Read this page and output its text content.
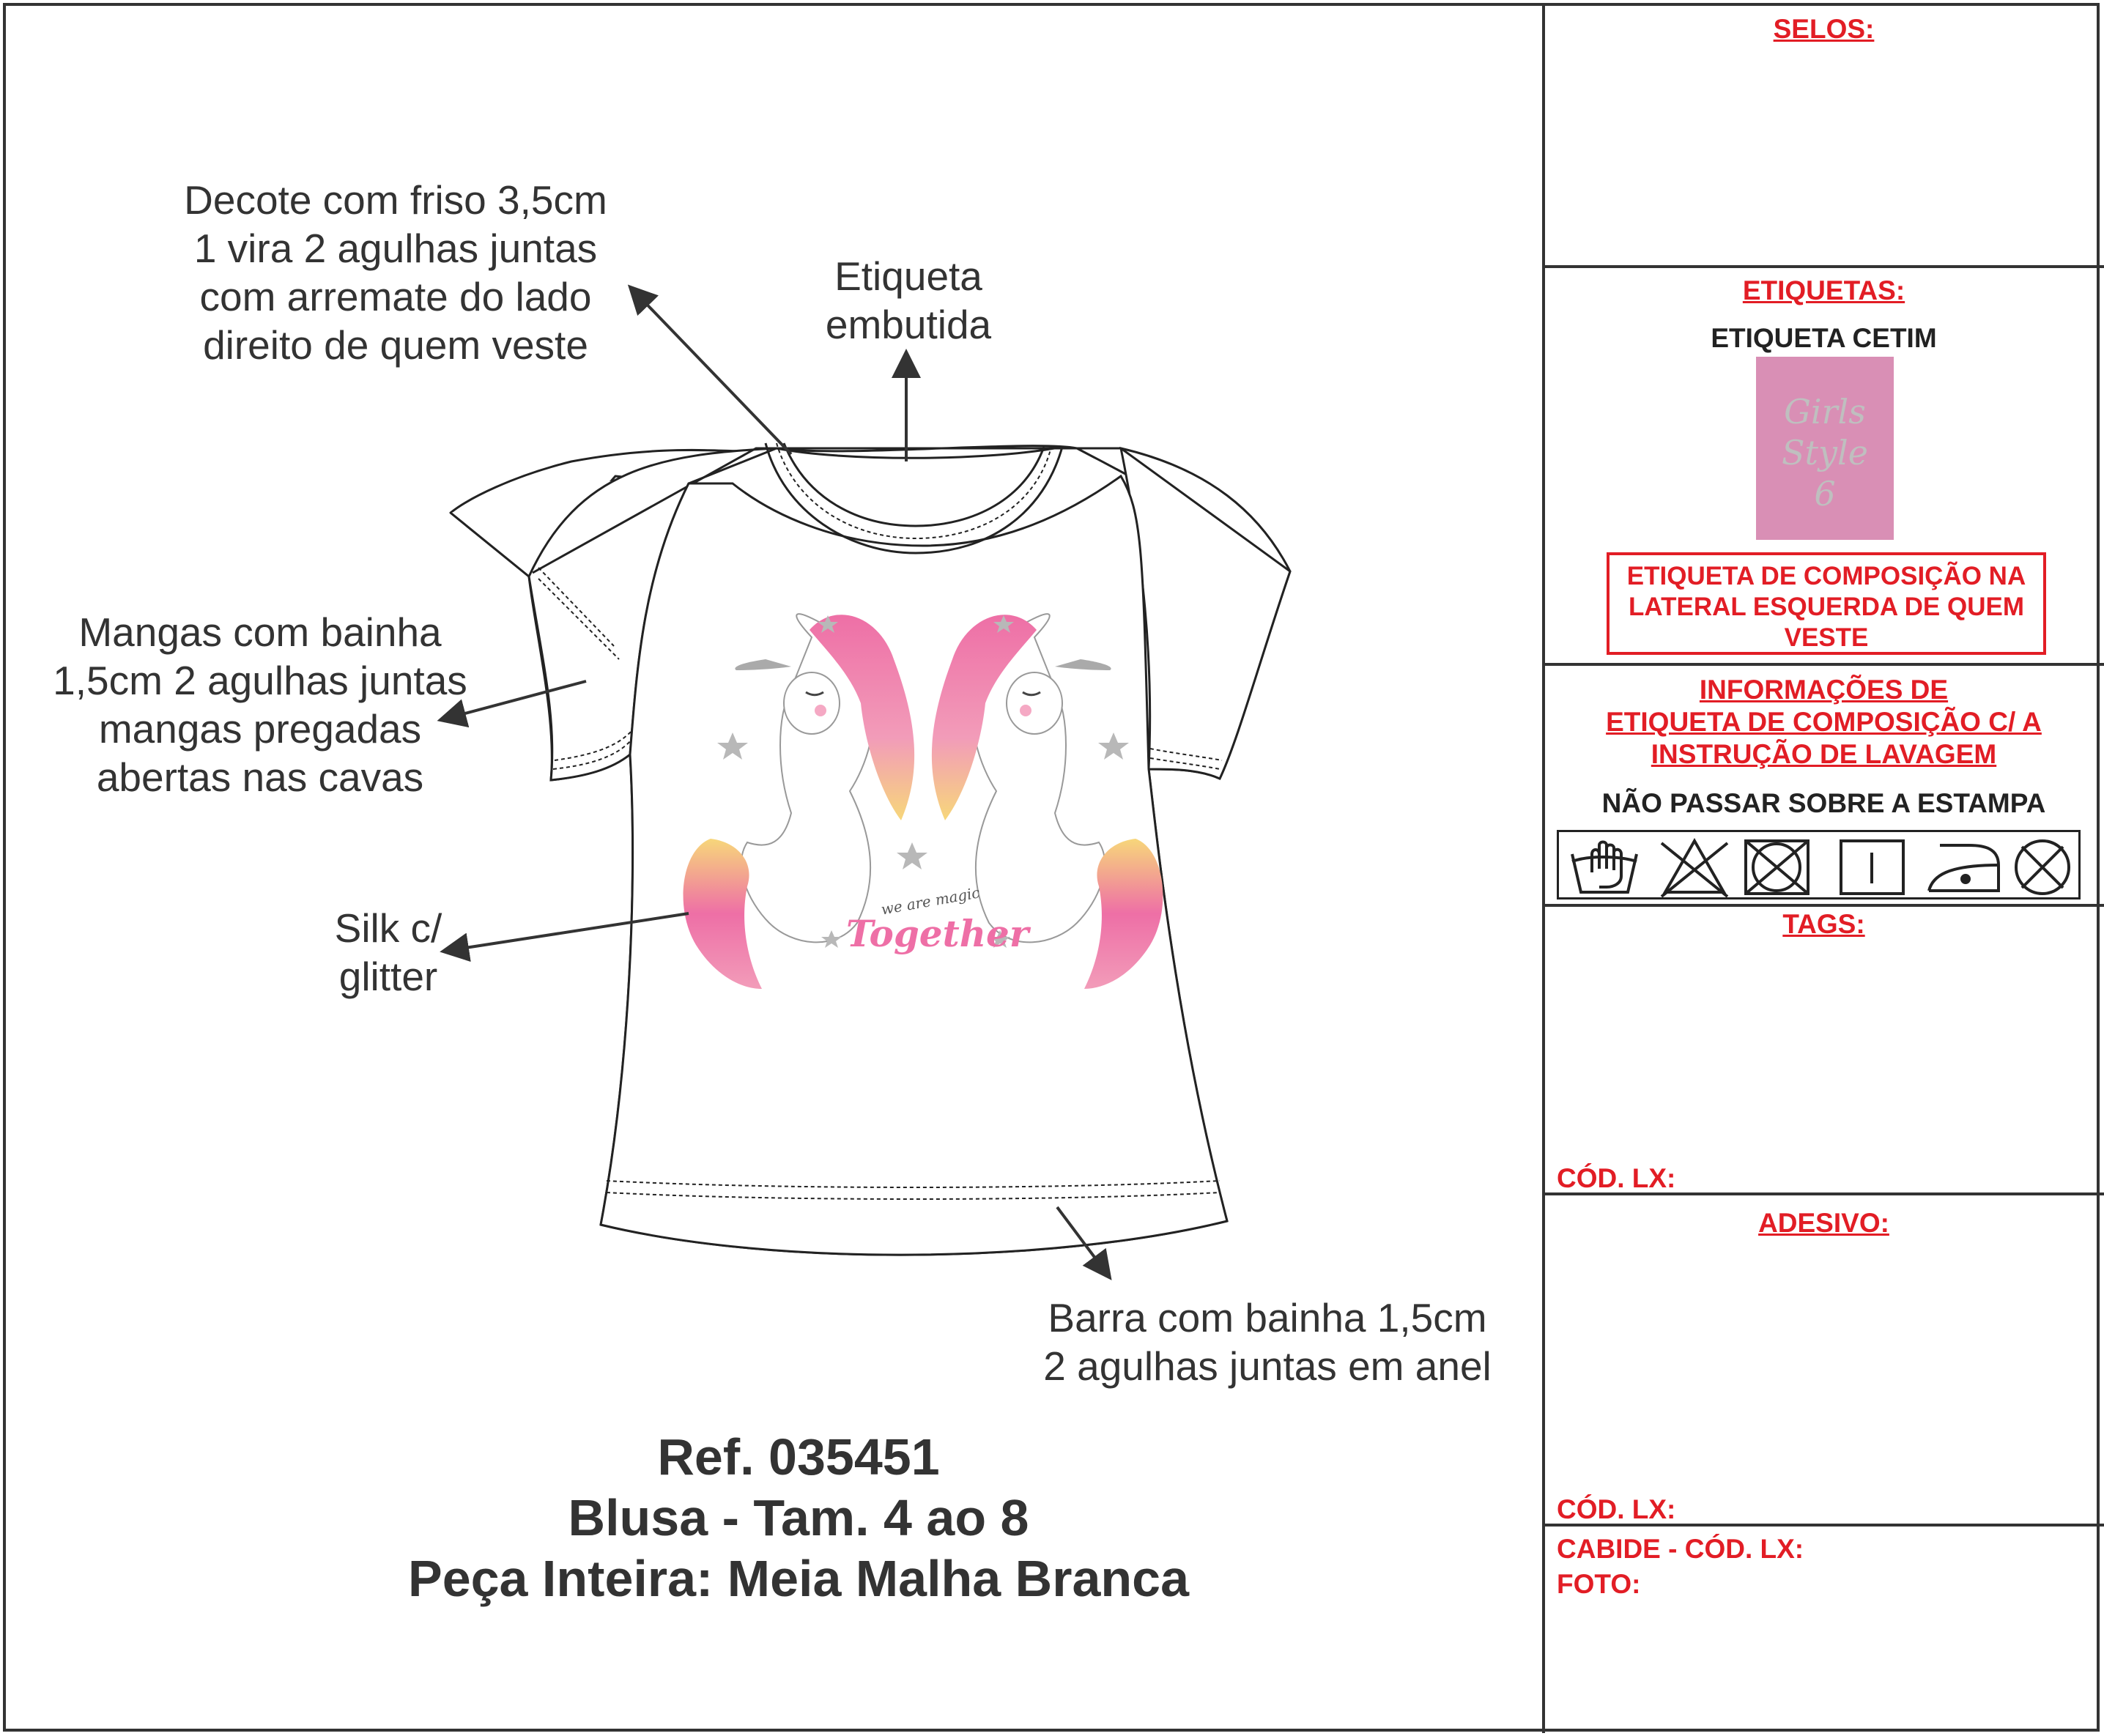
Decote com friso 3,5cm
1 vira 2 agulhas juntas
com arremate do lado
direito de quem veste
Etiqueta
embutida
Mangas com bainha
1,5cm 2 agulhas juntas
mangas pregadas
abertas nas cavas
Silk c/
glitter
Barra com bainha 1,5cm
2 agulhas juntas em anel
we are magic
Together
Ref. 035451
Blusa - Tam. 4 ao 8
Peça Inteira: Meia Malha Branca
SELOS:
ETIQUETAS:
ETIQUETA CETIM
Girls
Style
6
ETIQUETA DE COMPOSIÇÃO NA
LATERAL ESQUERDA DE QUEM
VESTE
INFORMAÇÕES DE
ETIQUETA DE COMPOSIÇÃO C/ A
INSTRUÇÃO DE LAVAGEM
NÃO PASSAR SOBRE A ESTAMPA
TAGS:
CÓD. LX:
ADESIVO:
CÓD. LX:
CABIDE - CÓD. LX:
FOTO:
